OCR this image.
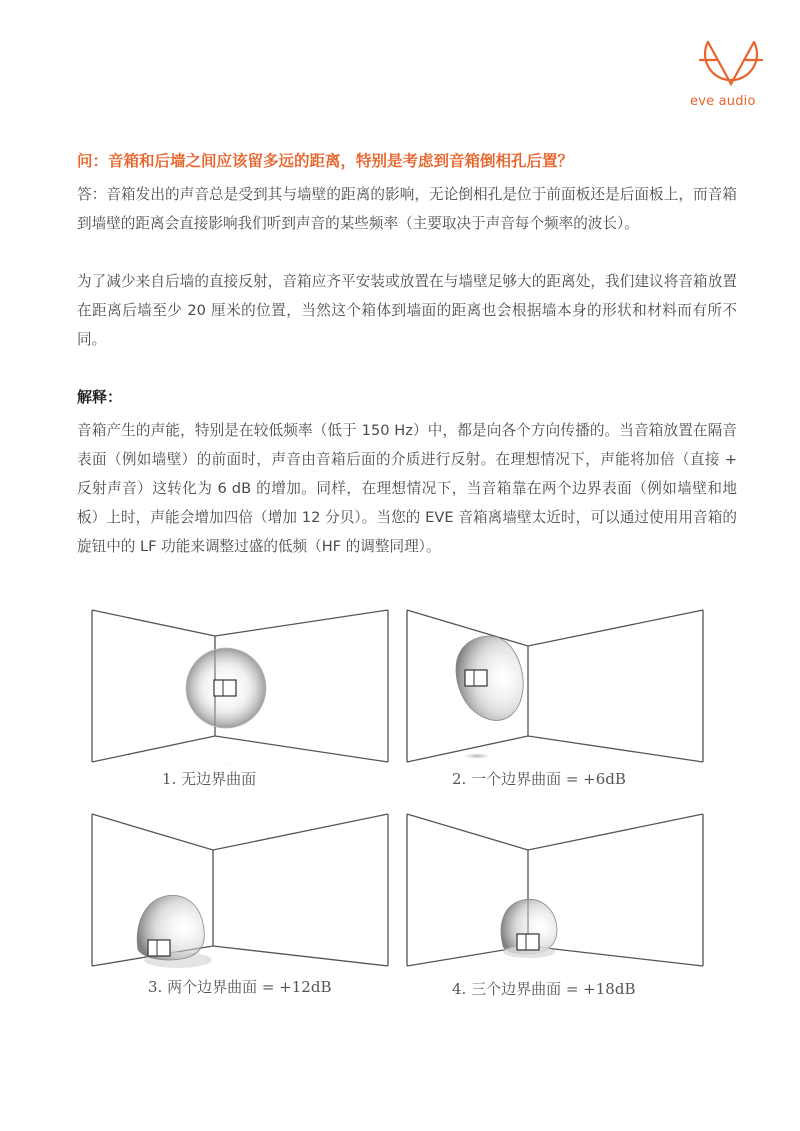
eve audio
问：音箱和后墙之间应该留多远的距离，特别是考虑到音箱倒相孔后置？

答：音箱发出的声音总是受到其与墙壁的距离的影响，无论倒相孔是位于前面板还是后面板上，而音箱到墙壁的距离会直接影响我们听到声音的某些频率（主要取决于声音每个频率的波长）。

为了减少来自后墙的直接反射，音箱应齐平安装或放置在与墙壁足够大的距离处，我们建议将音箱放置在距离后墙至少 20 厘米的位置，当然这个箱体到墙面的距离也会根据墙本身的形状和材料而有所不同。

解释：

音箱产生的声能，特别是在较低频率（低于 150 Hz）中，都是向各个方向传播的。当音箱放置在隔音表面（例如墙壁）的前面时，声音由音箱后面的介质进行反射。在理想情况下，声能将加倍（直接 + 反射声音）这转化为 6 dB 的增加。同样，在理想情况下，当音箱靠在两个边界表面（例如墙壁和地板）上时，声能会增加四倍（增加 12 分贝）。当您的 EVE 音箱离墙壁太近时，可以通过使用用音箱的旋钮中的 LF 功能来调整过盛的低频（HF 的调整同理）。

1. 无边界曲面	2. 一个边界曲面 = +6dB
3. 两个边界曲面 = +12dB	4. 三个边界曲面 = +18dB
